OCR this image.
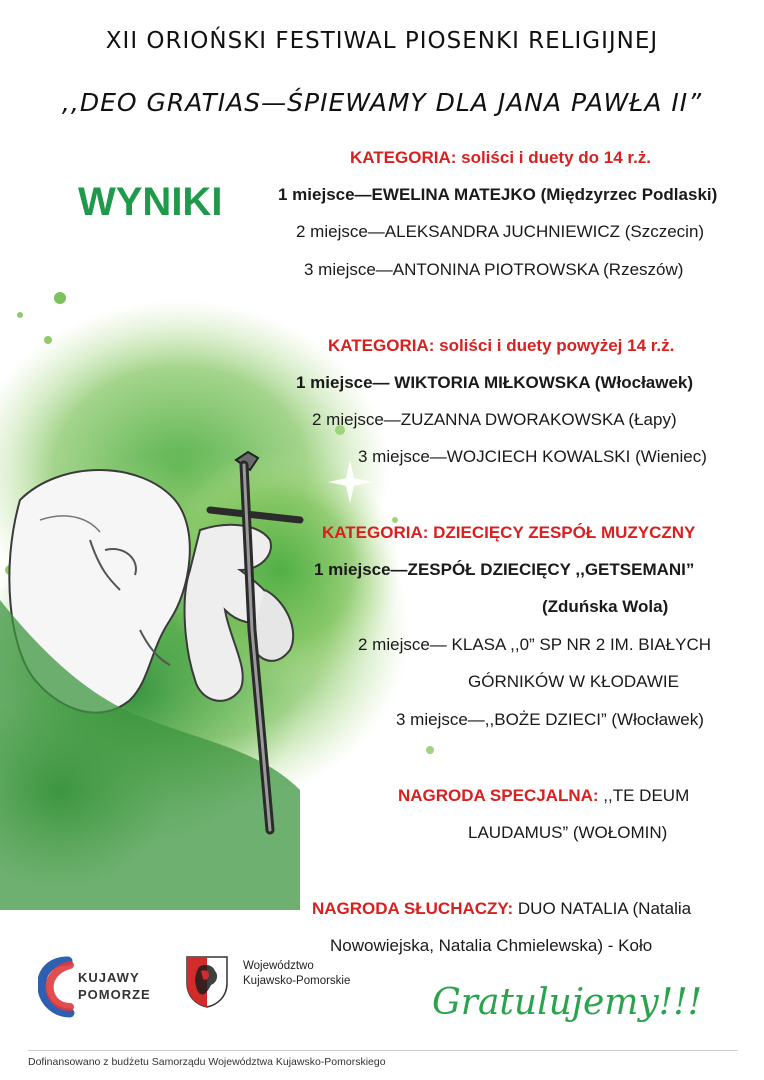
XII ORIOŃSKI FESTIWAL PIOSENKI RELIGIJNEJ
,,DEO GRATIAS—ŚPIEWAMY DLA JANA PAWŁA II”
WYNIKI
KATEGORIA: soliści i duety do 14 r.ż.
1 miejsce—EWELINA MATEJKO (Międzyrzec Podlaski)
2 miejsce—ALEKSANDRA JUCHNIEWICZ (Szczecin)
3 miejsce—ANTONINA PIOTROWSKA (Rzeszów)
KATEGORIA: soliści i duety powyżej 14 r.ż.
1 miejsce— WIKTORIA MIŁKOWSKA (Włocławek)
2 miejsce—ZUZANNA DWORAKOWSKA (Łapy)
3 miejsce—WOJCIECH KOWALSKI (Wieniec)
KATEGORIA: DZIECIĘCY ZESPÓŁ MUZYCZNY
1 miejsce—ZESPÓŁ DZIECIĘCY ,,GETSEMANI”
(Zduńska Wola)
2 miejsce— KLASA ,,0” SP NR 2 IM. BIAŁYCH
GÓRNIKÓW W KŁODAWIE
3 miejsce—,,BOŻE DZIECI” (Włocławek)
NAGRODA SPECJALNA: ,,TE DEUM
LAUDAMUS” (WOŁOMIN)
NAGRODA SŁUCHACZY: DUO NATALIA (Natalia
Nowowiejska, Natalia Chmielewska) - Koło
KUJAWY
POMORZE
Województwo
Kujawsko-Pomorskie
Gratulujemy!!!
Dofinansowano z budżetu Samorządu Województwa Kujawsko-Pomorskiego
